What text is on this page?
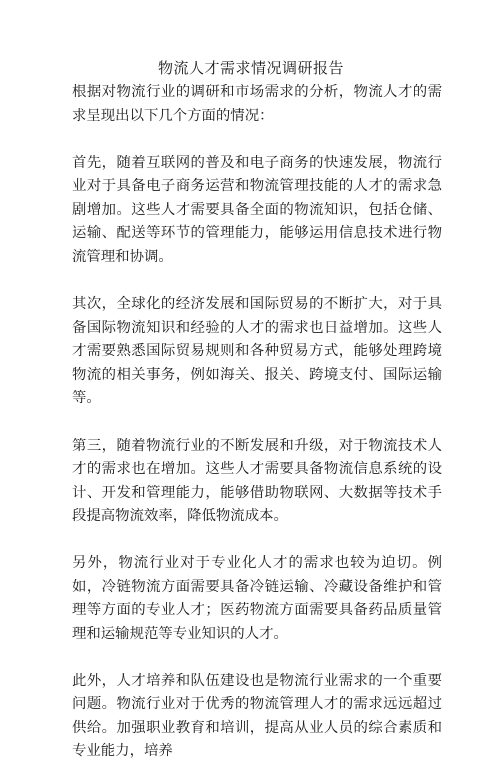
物流人才需求情况调研报告

根据对物流行业的调研和市场需求的分析，物流人才的需求呈现出以下几个方面的情况：

首先，随着互联网的普及和电子商务的快速发展，物流行业对于具备电子商务运营和物流管理技能的人才的需求急剧增加。这些人才需要具备全面的物流知识，包括仓储、运输、配送等环节的管理能力，能够运用信息技术进行物流管理和协调。

其次，全球化的经济发展和国际贸易的不断扩大，对于具备国际物流知识和经验的人才的需求也日益增加。这些人才需要熟悉国际贸易规则和各种贸易方式，能够处理跨境物流的相关事务，例如海关、报关、跨境支付、国际运输等。

第三，随着物流行业的不断发展和升级，对于物流技术人才的需求也在增加。这些人才需要具备物流信息系统的设计、开发和管理能力，能够借助物联网、大数据等技术手段提高物流效率，降低物流成本。

另外，物流行业对于专业化人才的需求也较为迫切。例如，冷链物流方面需要具备冷链运输、冷藏设备维护和管理等方面的专业人才；医药物流方面需要具备药品质量管理和运输规范等专业知识的人才。

此外，人才培养和队伍建设也是物流行业需求的一个重要问题。物流行业对于优秀的物流管理人才的需求远远超过供给。加强职业教育和培训，提高从业人员的综合素质和专业能力，培养
